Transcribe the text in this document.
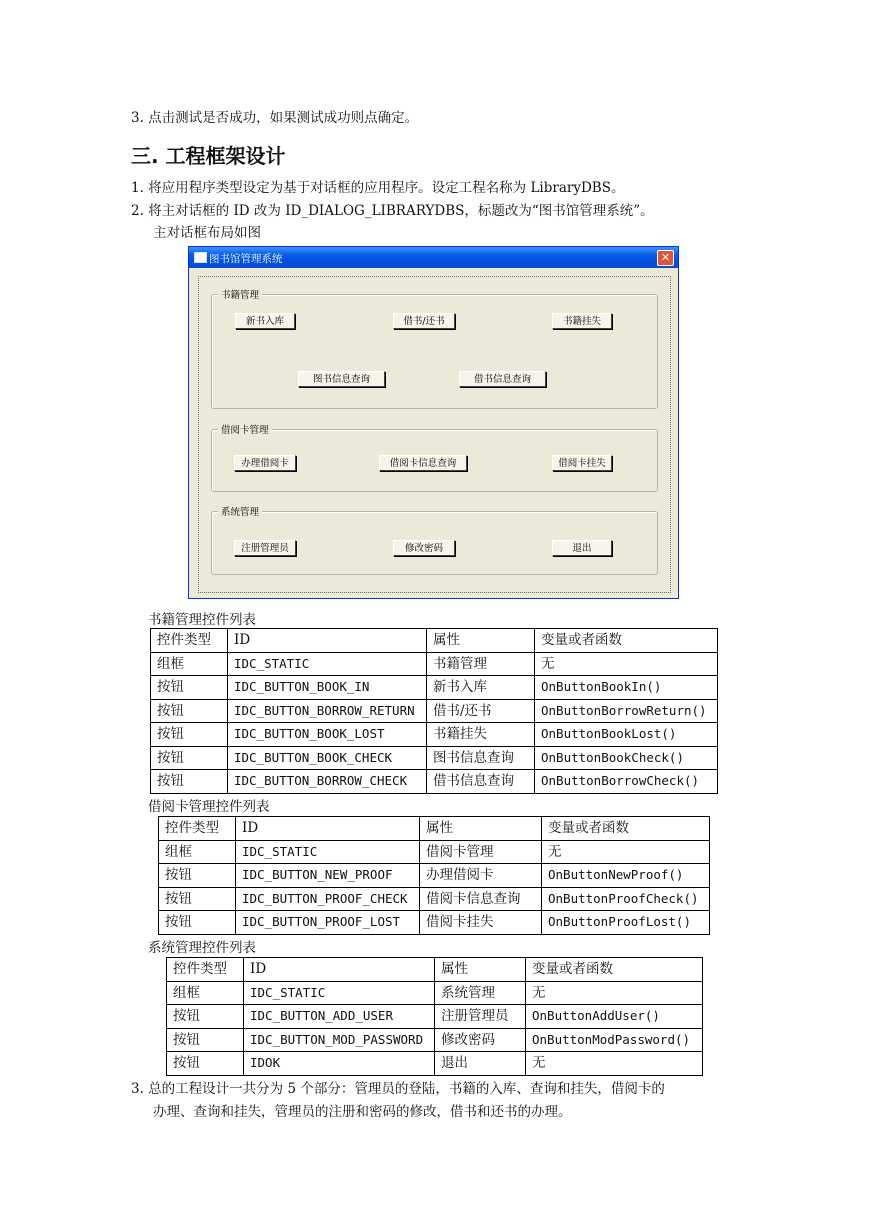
3. 点击测试是否成功，如果测试成功则点确定。
三. 工程框架设计
1. 将应用程序类型设定为基于对话框的应用程序。设定工程名称为 LibraryDBS。
2. 将主对话框的 ID 改为 ID_DIALOG_LIBRARYDBS，标题改为“图书馆管理系统”。
主对话框布局如图
图书馆管理系统	✕
书籍管理
新书入库	借书/还书	书籍挂失
图书信息查询	借书信息查询
借阅卡管理
办理借阅卡	借阅卡信息查询	借阅卡挂失
系统管理
注册管理员	修改密码	退出
书籍管理控件列表
控件类型	ID	属性	变量或者函数
组框	IDC_STATIC	书籍管理	无
按钮	IDC_BUTTON_BOOK_IN	新书入库	OnButtonBookIn()
按钮	IDC_BUTTON_BORROW_RETURN	借书/还书	OnButtonBorrowReturn()
按钮	IDC_BUTTON_BOOK_LOST	书籍挂失	OnButtonBookLost()
按钮	IDC_BUTTON_BOOK_CHECK	图书信息查询	OnButtonBookCheck()
按钮	IDC_BUTTON_BORROW_CHECK	借书信息查询	OnButtonBorrowCheck()
借阅卡管理控件列表
控件类型	ID	属性	变量或者函数
组框	IDC_STATIC	借阅卡管理	无
按钮	IDC_BUTTON_NEW_PROOF	办理借阅卡	OnButtonNewProof()
按钮	IDC_BUTTON_PROOF_CHECK	借阅卡信息查询	OnButtonProofCheck()
按钮	IDC_BUTTON_PROOF_LOST	借阅卡挂失	OnButtonProofLost()
系统管理控件列表
控件类型	ID	属性	变量或者函数
组框	IDC_STATIC	系统管理	无
按钮	IDC_BUTTON_ADD_USER	注册管理员	OnButtonAddUser()
按钮	IDC_BUTTON_MOD_PASSWORD	修改密码	OnButtonModPassword()
按钮	IDOK	退出	无
3. 总的工程设计一共分为 5 个部分：管理员的登陆，书籍的入库、查询和挂失，借阅卡的
办理、查询和挂失，管理员的注册和密码的修改，借书和还书的办理。
